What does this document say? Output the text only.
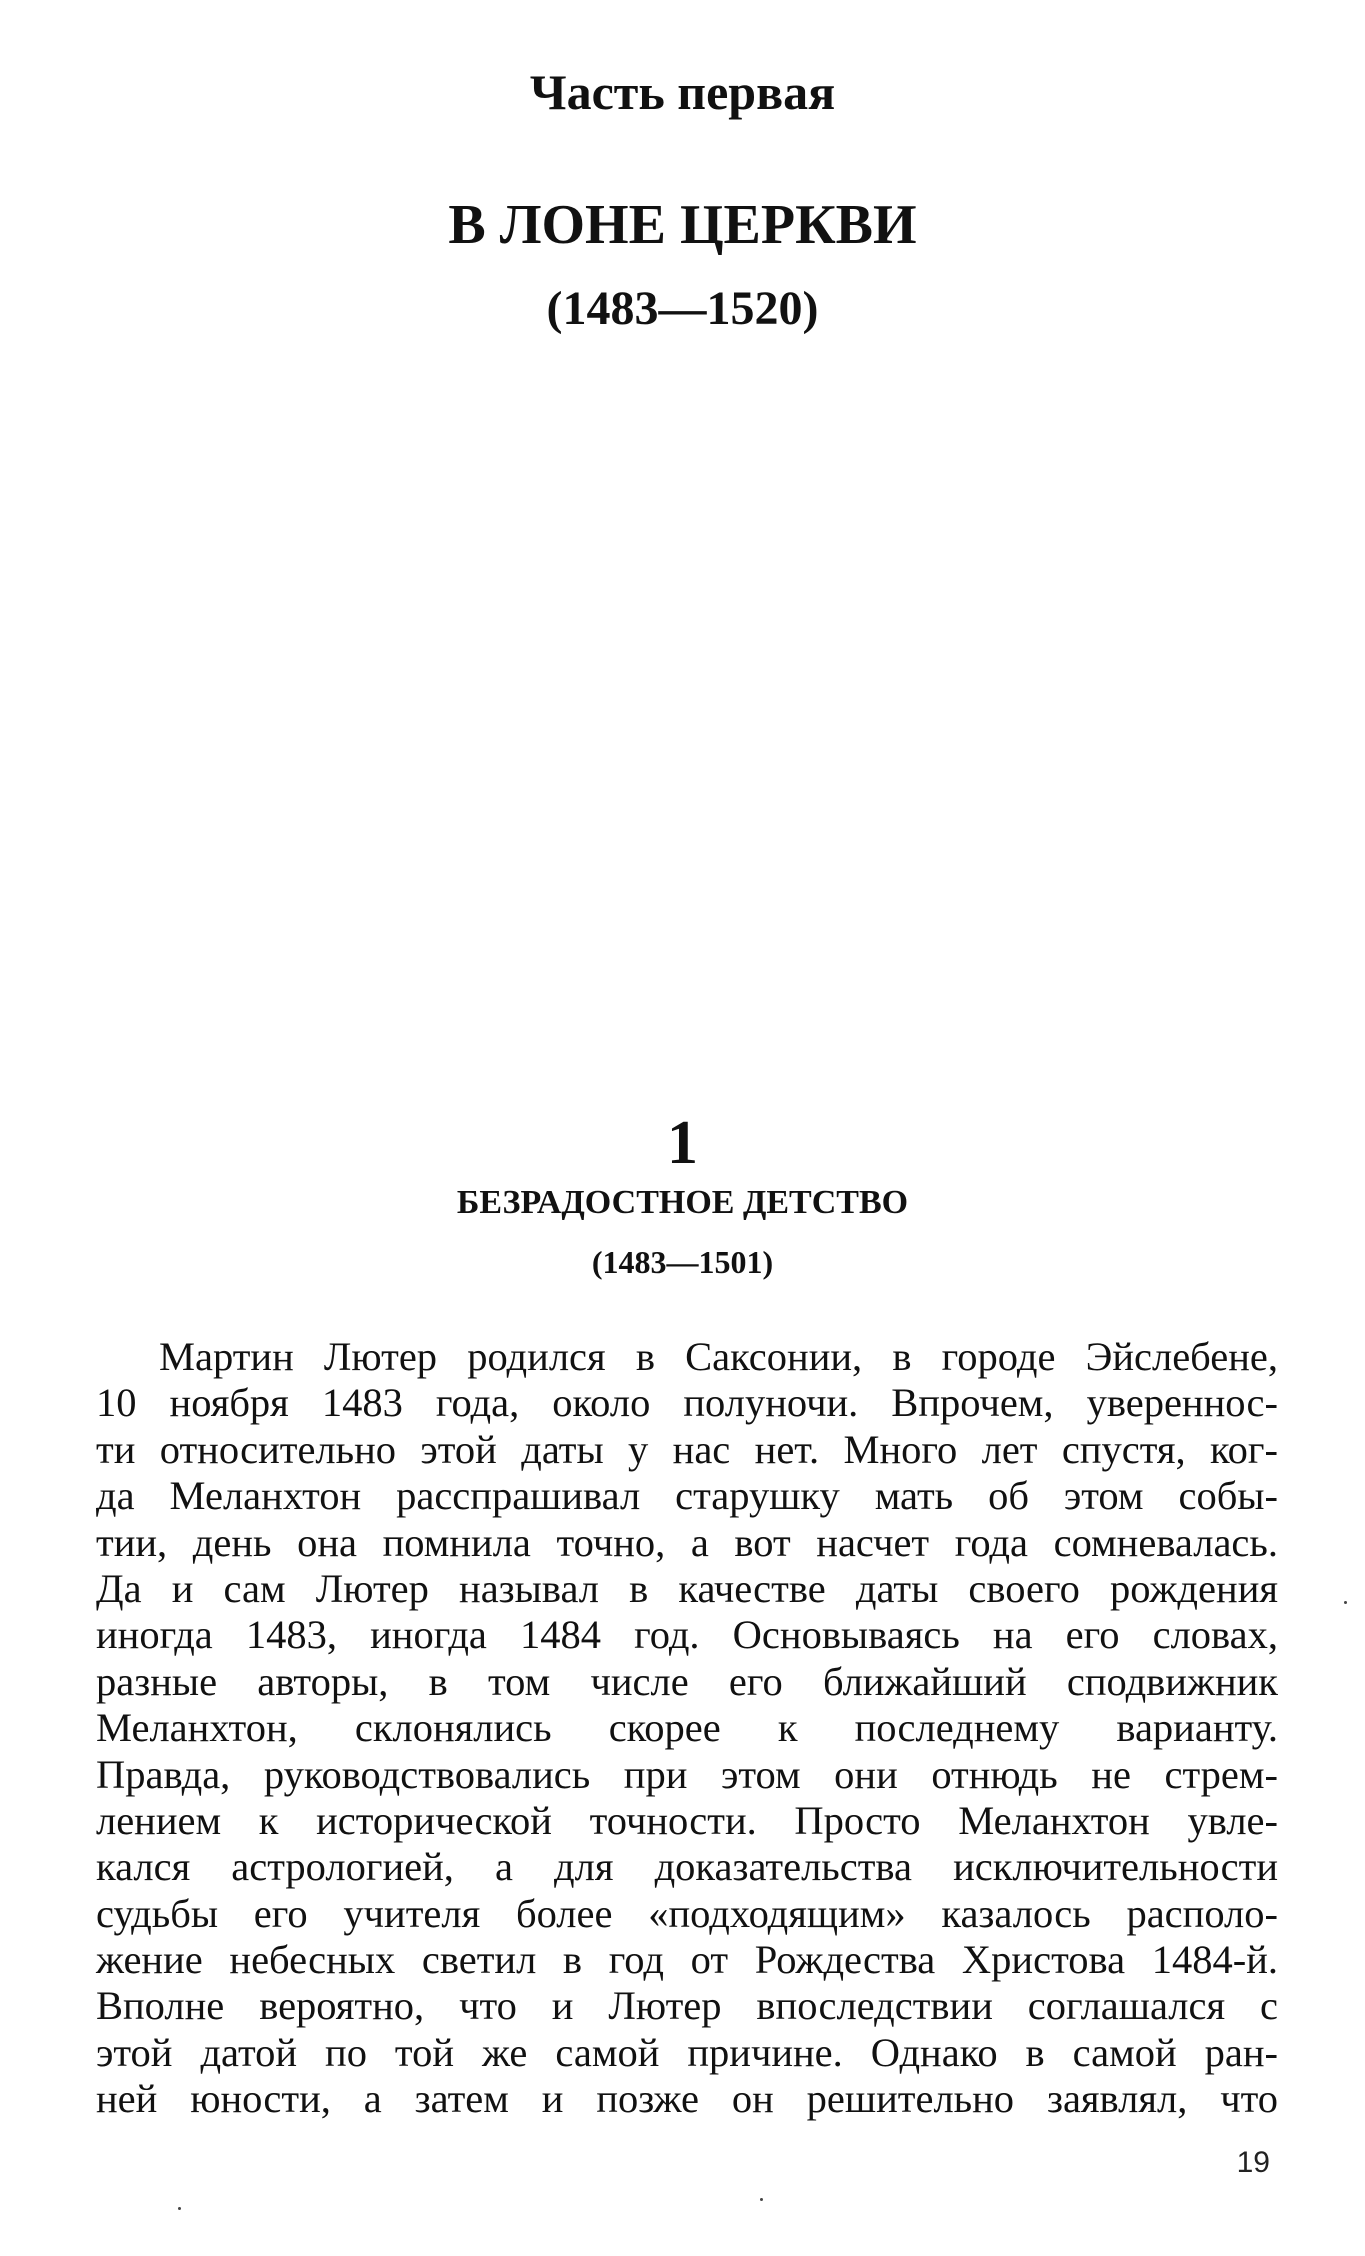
Часть первая
В ЛОНЕ ЦЕРКВИ
(1483—1520)
1
БЕЗРАДОСТНОЕ ДЕТСТВО
(1483—1501)
Мартин Лютер родился в Саксонии, в городе Эйслебене,
10 ноября 1483 года, около полуночи. Впрочем, увереннос-
ти относительно этой даты у нас нет. Много лет спустя, ког-
да Меланхтон расспрашивал старушку мать об этом собы-
тии, день она помнила точно, а вот насчет года сомневалась.
Да и сам Лютер называл в качестве даты своего рождения
иногда 1483, иногда 1484 год. Основываясь на его словах,
разные авторы, в том числе его ближайший сподвижник
Меланхтон, склонялись скорее к последнему варианту.
Правда, руководствовались при этом они отнюдь не стрем-
лением к исторической точности. Просто Меланхтон увле-
кался астрологией, а для доказательства исключительности
судьбы его учителя более «подходящим» казалось располо-
жение небесных светил в год от Рождества Христова 1484-й.
Вполне вероятно, что и Лютер впоследствии соглашался с
этой датой по той же самой причине. Однако в самой ран-
ней юности, а затем и позже он решительно заявлял, что
19
